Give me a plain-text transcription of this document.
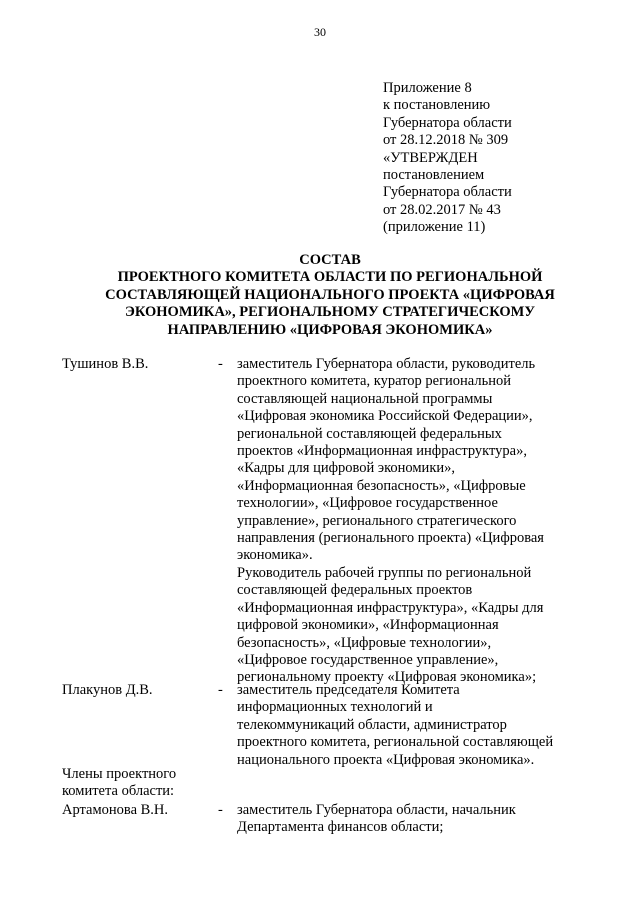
30
Приложение 8
к постановлению
Губернатора области
от 28.12.2018 № 309
«УТВЕРЖДЕН
постановлением
Губернатора области
от 28.02.2017 № 43
(приложение 11)
СОСТАВ
ПРОЕКТНОГО КОМИТЕТА ОБЛАСТИ ПО РЕГИОНАЛЬНОЙ
СОСТАВЛЯЮЩЕЙ НАЦИОНАЛЬНОГО ПРОЕКТА «ЦИФРОВАЯ
ЭКОНОМИКА», РЕГИОНАЛЬНОМУ СТРАТЕГИЧЕСКОМУ
НАПРАВЛЕНИЮ «ЦИФРОВАЯ ЭКОНОМИКА»
Тушинов В.В.	- заместитель Губернатора области, руководитель
проектного комитета, куратор региональной
составляющей национальной программы
«Цифровая экономика Российской Федерации»,
региональной составляющей федеральных
проектов «Информационная инфраструктура»,
«Кадры для цифровой экономики»,
«Информационная безопасность», «Цифровые
технологии», «Цифровое государственное
управление», регионального стратегического
направления (регионального проекта) «Цифровая
экономика».
Руководитель рабочей группы по региональной
составляющей федеральных проектов
«Информационная инфраструктура», «Кадры для
цифровой экономики», «Информационная
безопасность», «Цифровые технологии»,
«Цифровое государственное управление»,
региональному проекту «Цифровая экономика»;
Плакунов Д.В.	- заместитель председателя Комитета
информационных технологий и
телекоммуникаций области, администратор
проектного комитета, региональной составляющей
национального проекта «Цифровая экономика».
Члены проектного
комитета области:
Артамонова В.Н.	- заместитель Губернатора области, начальник
Департамента финансов области;
